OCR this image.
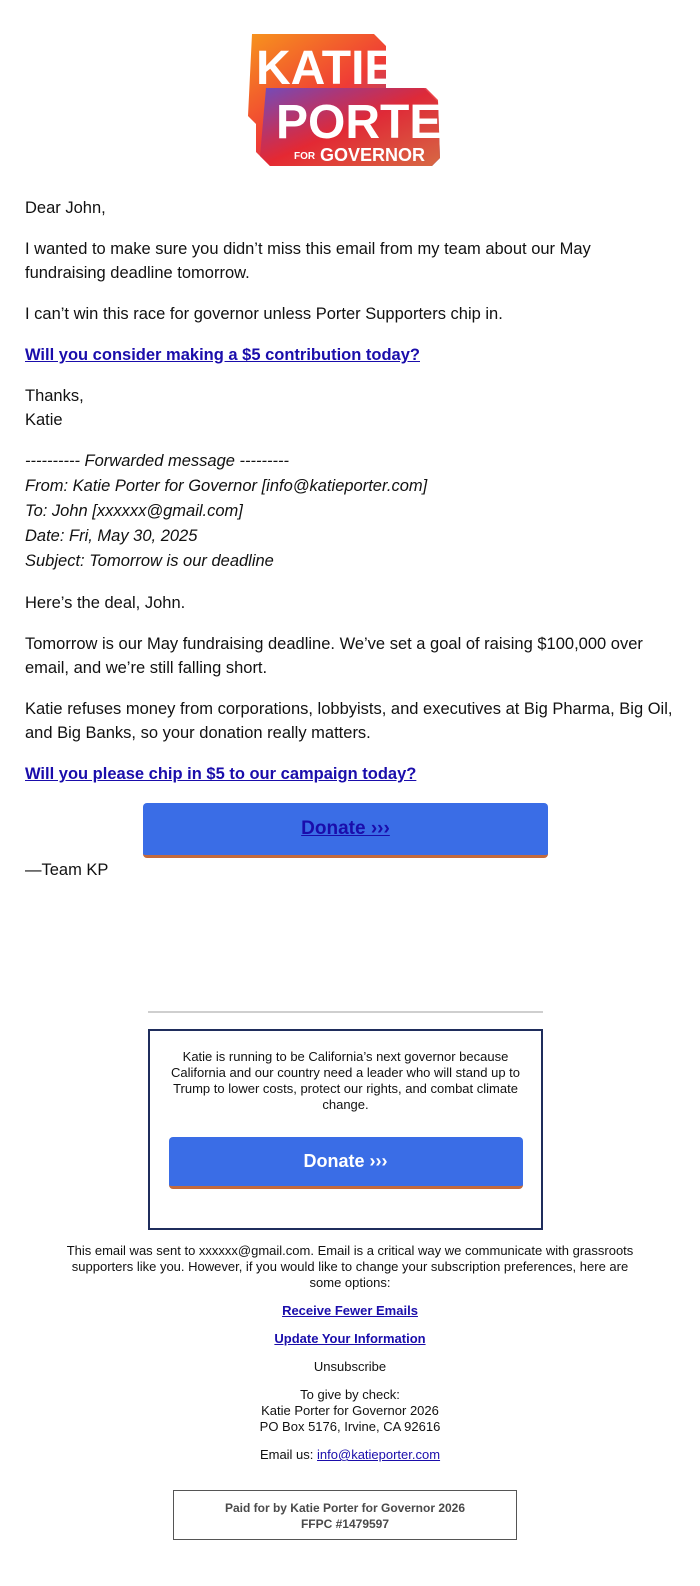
KATIE
PORTER
FOR GOVERNOR

Dear John,

I wanted to make sure you didn’t miss this email from my team about our May fundraising deadline tomorrow.

I can’t win this race for governor unless Porter Supporters chip in.

Will you consider making a $5 contribution today?

Thanks,
Katie

---------- Forwarded message ---------
From: Katie Porter for Governor [info@katieporter.com]
To: John [xxxxxx@gmail.com]
Date: Fri, May 30, 2025
Subject: Tomorrow is our deadline

Here’s the deal, John.

Tomorrow is our May fundraising deadline. We’ve set a goal of raising $100,000 over email, and we’re still falling short.

Katie refuses money from corporations, lobbyists, and executives at Big Pharma, Big Oil, and Big Banks, so your donation really matters.

Will you please chip in $5 to our campaign today?

Donate ›››

—Team KP

Katie is running to be California’s next governor because California and our country need a leader who will stand up to Trump to lower costs, protect our rights, and combat climate change.
Donate ›››

This email was sent to xxxxxx@gmail.com. Email is a critical way we communicate with grassroots supporters like you. However, if you would like to change your subscription preferences, here are some options:

Receive Fewer Emails

Update Your Information

Unsubscribe

To give by check:
Katie Porter for Governor 2026
PO Box 5176, Irvine, CA 92616

Email us: info@katieporter.com

Paid for by Katie Porter for Governor 2026
FFPC #1479597
